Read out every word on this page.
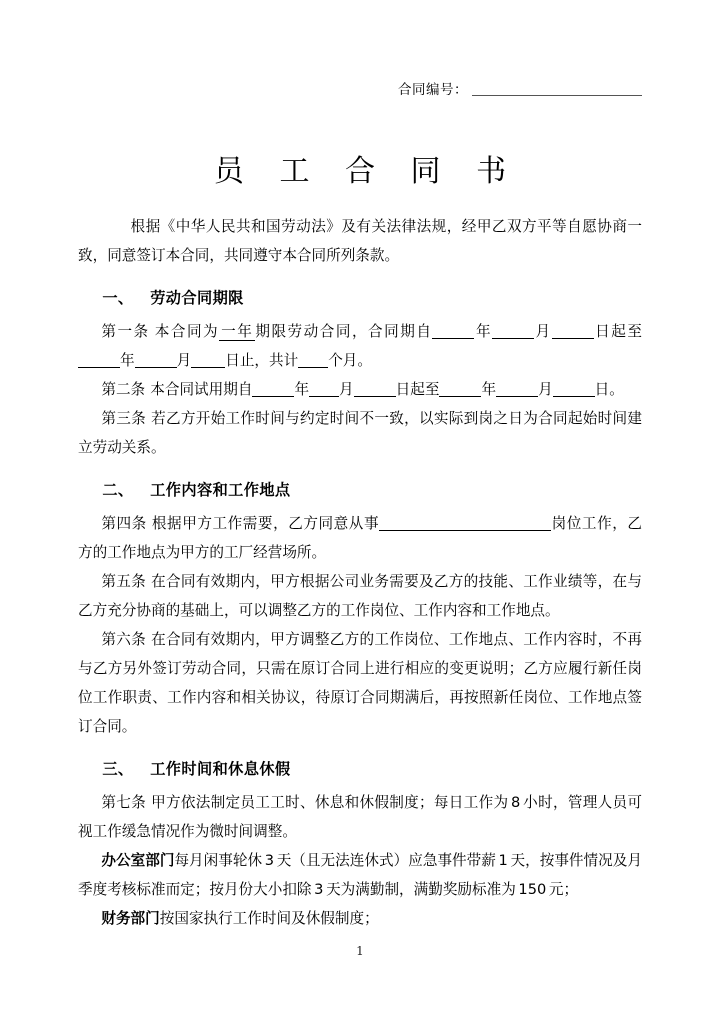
合同编号：
员 工 合 同 书

根据《中华人民共和国劳动法》及有关法律法规，经甲乙双方平等自愿协商一致，同意签订本合同，共同遵守本合同所列条款。

一、 劳动合同期限

第一条 本合同为 一年 期限劳动合同，合同期自	年	月	日起至年	月 日止，共计 个月。

第二条 本合同试用期自	年 月	日起至	年	月	日。

第三条 若乙方开始工作时间与约定时间不一致，以实际到岗之日为合同起始时间建立劳动关系。

二、 工作内容和工作地点

第四条 根据甲方工作需要，乙方同意从事	岗位工作，乙方的工作地点为甲方的工厂经营场所。

第五条 在合同有效期内，甲方根据公司业务需要及乙方的技能、工作业绩等，在与乙方充分协商的基础上，可以调整乙方的工作岗位、工作内容和工作地点。

第六条 在合同有效期内，甲方调整乙方的工作岗位、工作地点、工作内容时，不再与乙方另外签订劳动合同，只需在原订合同上进行相应的变更说明；乙方应履行新任岗位工作职责、工作内容和相关协议，待原订合同期满后，再按照新任岗位、工作地点签订合同。

三、 工作时间和休息休假

第七条 甲方依法制定员工工时、休息和休假制度；每日工作为 8 小时，管理人员可视工作缓急情况作为微时间调整。

办公室部门每月闲事轮休 3 天（且无法连休式）应急事件带薪 1 天，按事件情况及月季度考核标准而定；按月份大小扣除 3 天为满勤制，满勤奖励标准为 150 元；

财务部门按国家执行工作时间及休假制度；

1
